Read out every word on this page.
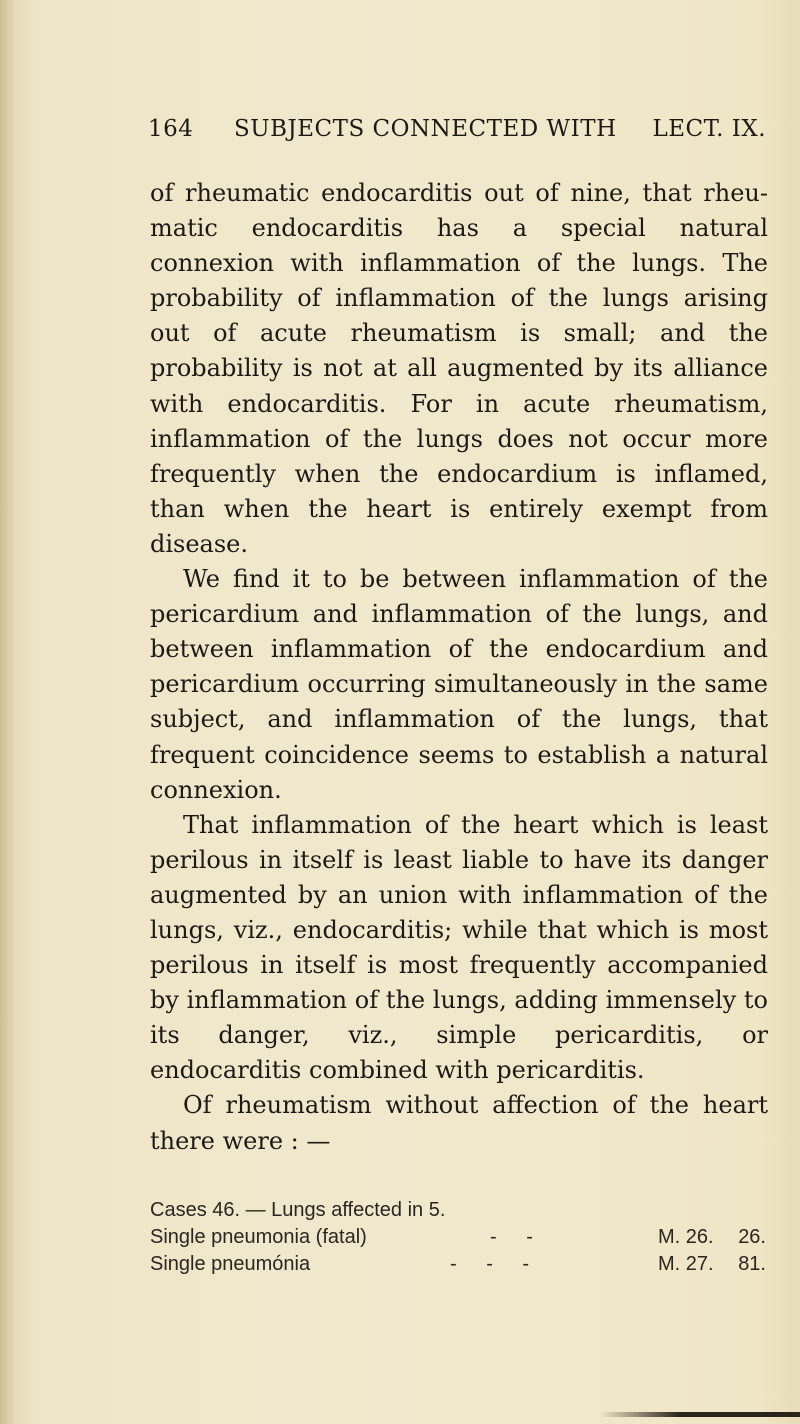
164 SUBJECTS CONNECTED WITH LECT. IX.

of rheumatic endocarditis out of nine, that rheumatic endocarditis has a special natural connexion with inflammation of the lungs. The probability of inflammation of the lungs arising out of acute rheumatism is small; and the probability is not at all augmented by its alliance with endocarditis. For in acute rheumatism, inflammation of the lungs does not occur more frequently when the endocardium is inflamed, than when the heart is entirely exempt from disease.

We find it to be between inflammation of the pericardium and inflammation of the lungs, and between inflammation of the endocardium and pericardium occurring simultaneously in the same subject, and inflammation of the lungs, that frequent coincidence seems to establish a natural connexion.

That inflammation of the heart which is least perilous in itself is least liable to have its danger augmented by an union with inflammation of the lungs, viz., endocarditis; while that which is most perilous in itself is most frequently accompanied by inflammation of the lungs, adding immensely to its danger, viz., simple pericarditis, or endocarditis combined with pericarditis.

Of rheumatism without affection of the heart there were : —

Cases 46. — Lungs affected in 5.
Single pneumonia (fatal)	- -	M. 26. 26.
Single pneumónia	- - -	M. 27. 81.
